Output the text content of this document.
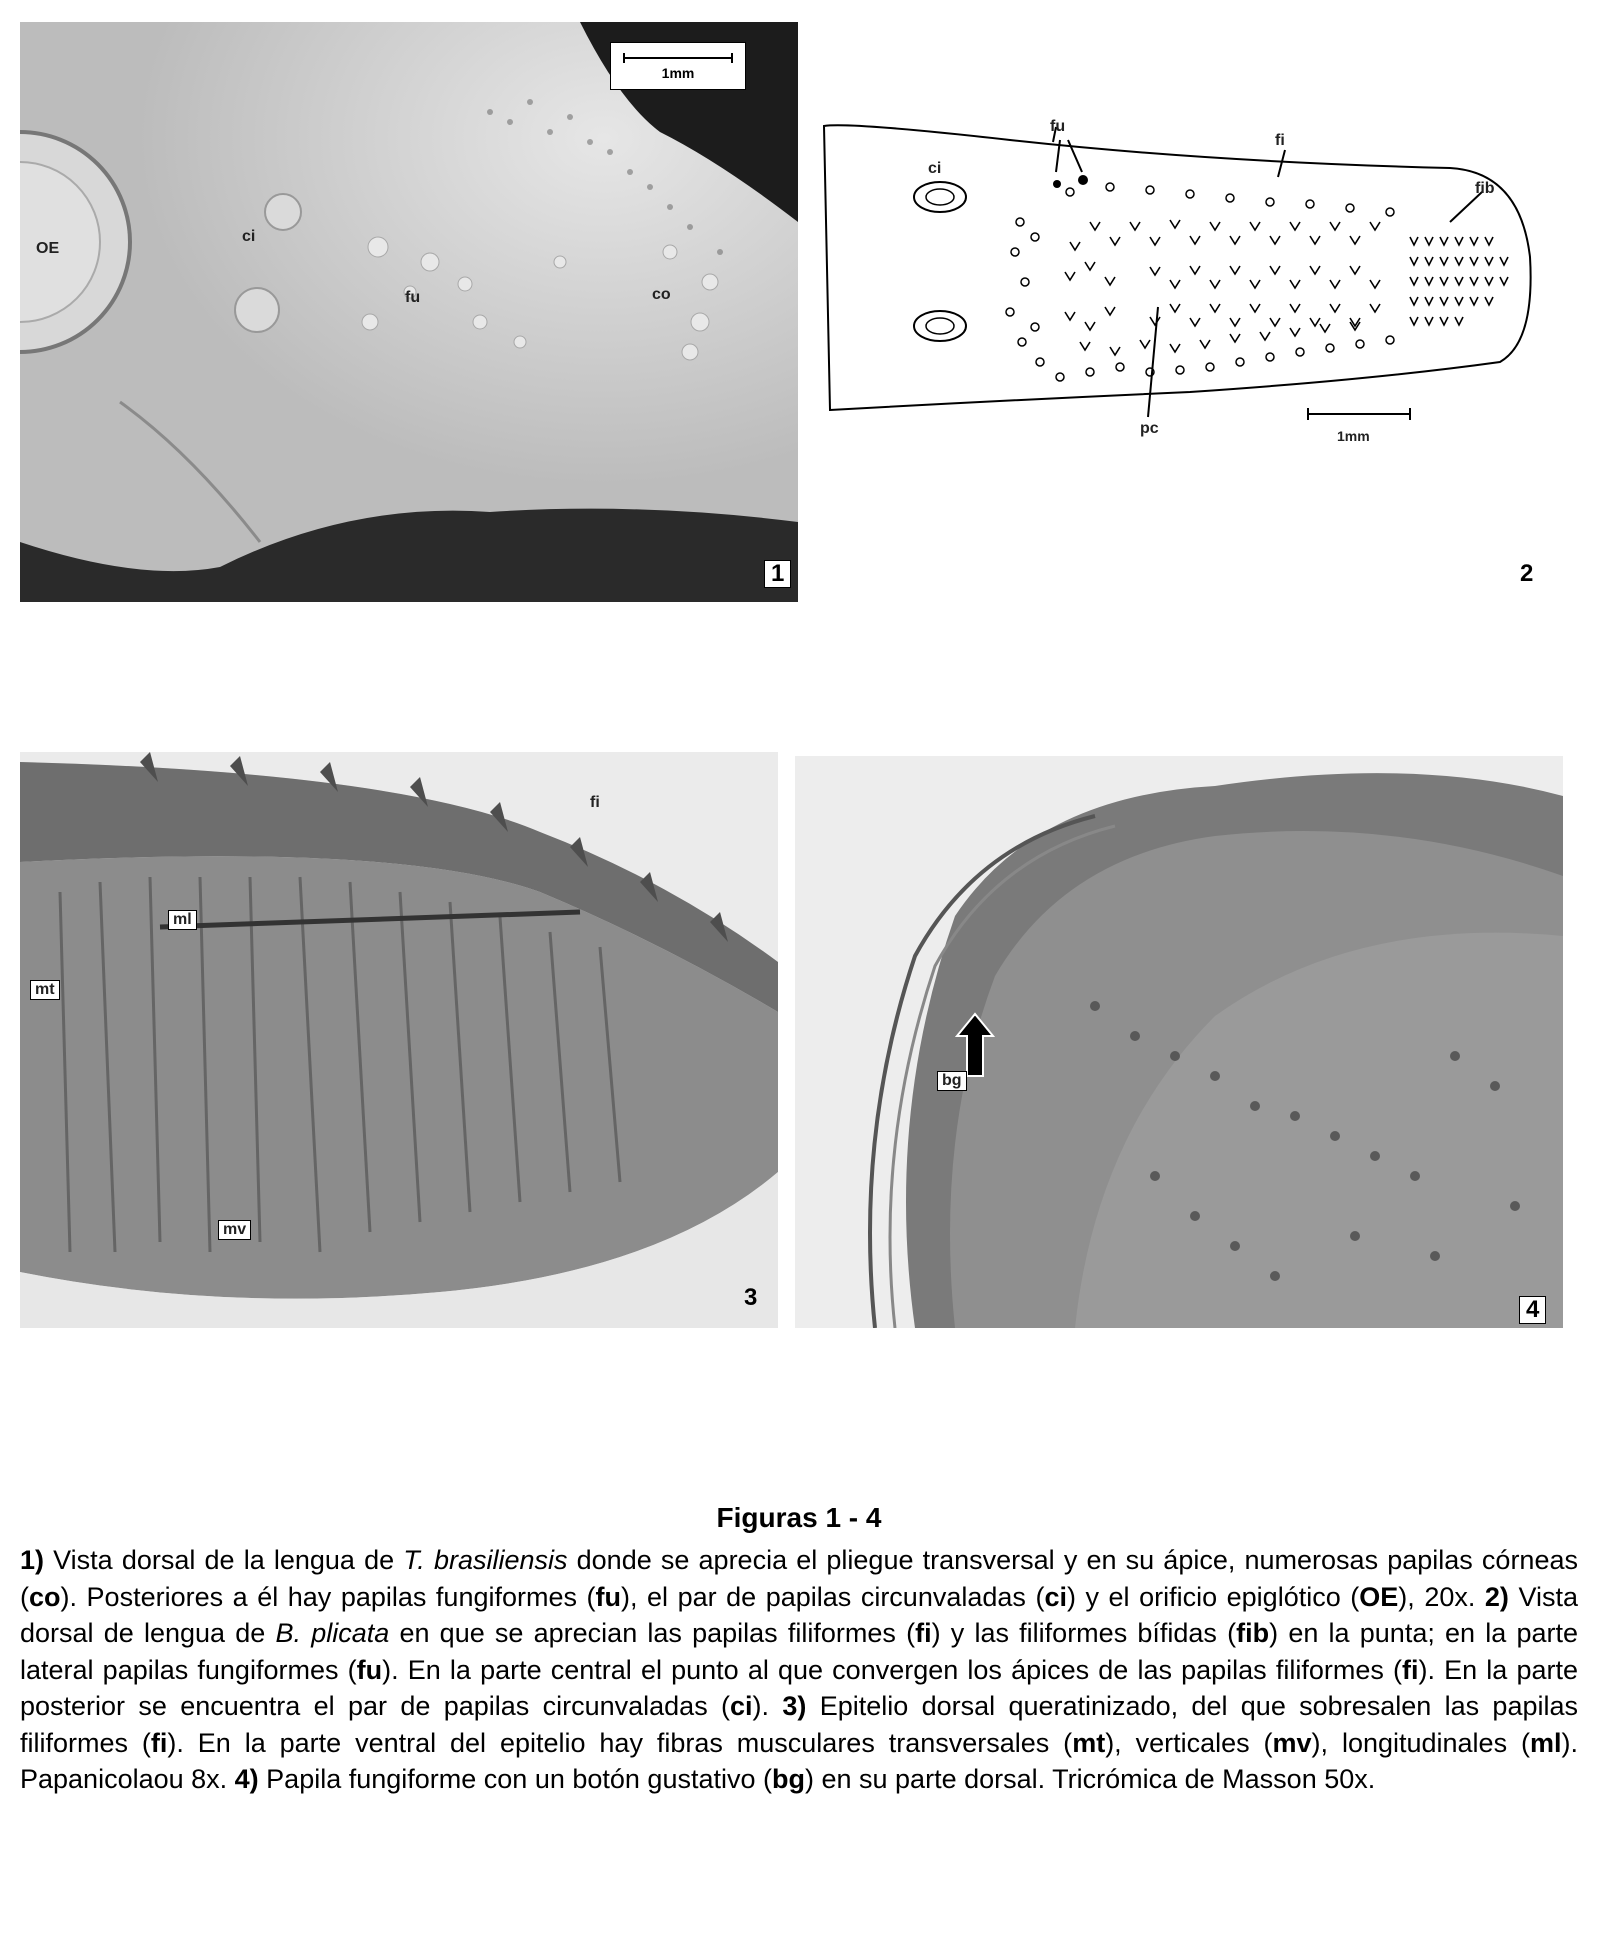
1mm
OE
ci
fu	co
1
fu
fi
fib
ci
pc	1mm
2
fi
ml
mt
mv
3
bg
4
Figuras 1 - 4
1) Vista dorsal de la lengua de T. brasiliensis donde se aprecia el pliegue transversal y en su ápice, numerosas papilas córneas (co). Posteriores a él hay papilas fungiformes (fu), el par de papilas circunvaladas (ci) y el orificio epiglótico (OE), 20x. 2) Vista dorsal de lengua de B. plicata en que se aprecian las papilas filiformes (fi) y las filiformes bífidas (fib) en la punta; en la parte lateral papilas fungiformes (fu). En la parte central el punto al que convergen los ápices de las papilas filiformes (fi). En la parte posterior se encuentra el par de papilas circunvaladas (ci). 3) Epitelio dorsal queratinizado, del que sobresalen las papilas filiformes (fi). En la parte ventral del epitelio hay fibras musculares transversales (mt), verticales (mv), longitudinales (ml). Papanicolaou 8x. 4) Papila fungiforme con un botón gustativo (bg) en su parte dorsal. Tricrómica de Masson 50x.
